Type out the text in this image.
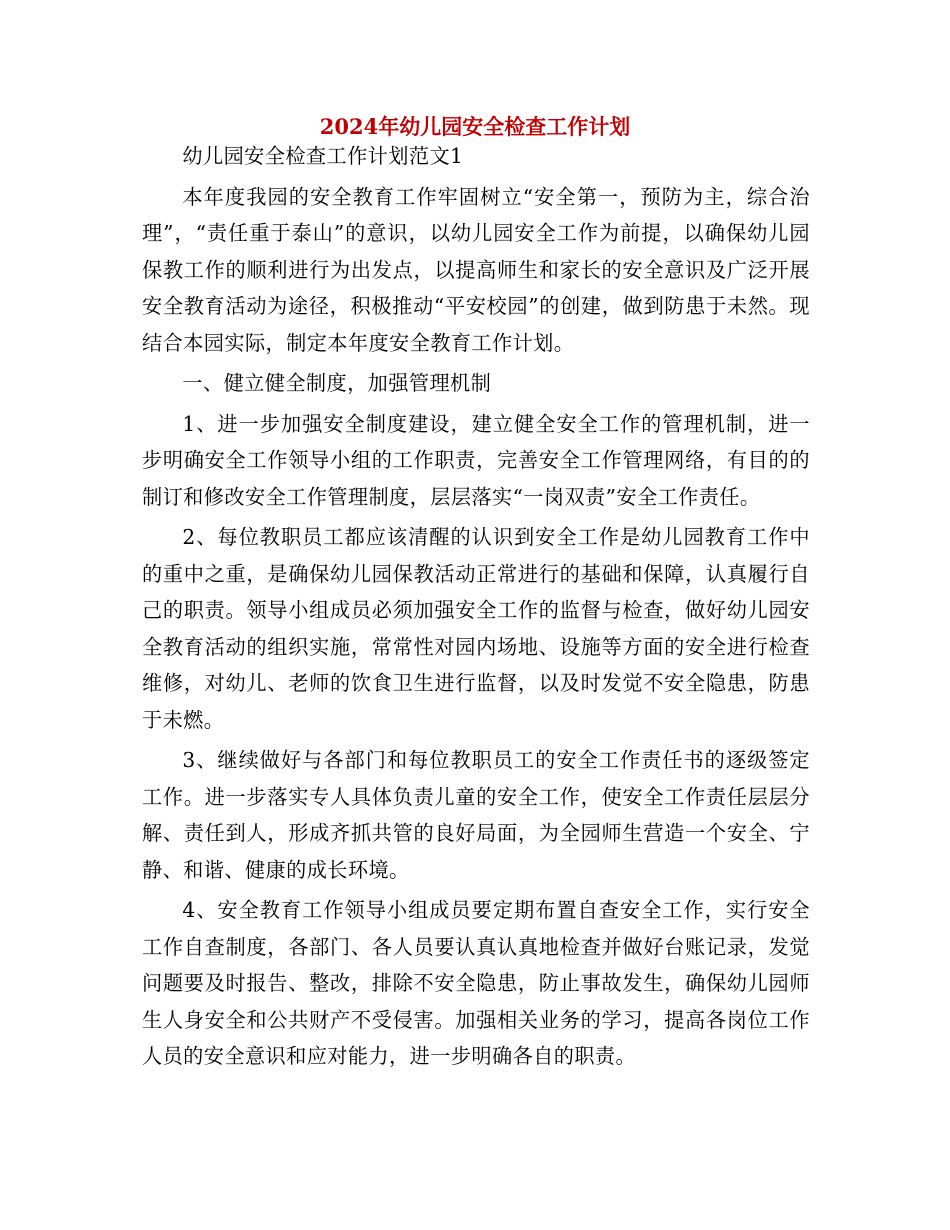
2024年幼儿园安全检查工作计划

幼儿园安全检查工作计划范文1

本年度我园的安全教育工作牢固树立“安全第一，预防为主，综合治理”，“责任重于泰山”的意识，以幼儿园安全工作为前提，以确保幼儿园保教工作的顺利进行为出发点，以提高师生和家长的安全意识及广泛开展安全教育活动为途径，积极推动“平安校园”的创建，做到防患于未然。现结合本园实际，制定本年度安全教育工作计划。

一、健立健全制度，加强管理机制

1、进一步加强安全制度建设，建立健全安全工作的管理机制，进一步明确安全工作领导小组的工作职责，完善安全工作管理网络，有目的的制订和修改安全工作管理制度，层层落实“一岗双责”安全工作责任。

2、每位教职员工都应该清醒的认识到安全工作是幼儿园教育工作中的重中之重，是确保幼儿园保教活动正常进行的基础和保障，认真履行自己的职责。领导小组成员必须加强安全工作的监督与检查，做好幼儿园安全教育活动的组织实施，常常性对园内场地、设施等方面的安全进行检查维修，对幼儿、老师的饮食卫生进行监督，以及时发觉不安全隐患，防患于未燃。

3、继续做好与各部门和每位教职员工的安全工作责任书的逐级签定工作。进一步落实专人具体负责儿童的安全工作，使安全工作责任层层分解、责任到人，形成齐抓共管的良好局面，为全园师生营造一个安全、宁静、和谐、健康的成长环境。

4、安全教育工作领导小组成员要定期布置自查安全工作，实行安全工作自查制度，各部门、各人员要认真认真地检查并做好台账记录，发觉问题要及时报告、整改，排除不安全隐患，防止事故发生，确保幼儿园师生人身安全和公共财产不受侵害。加强相关业务的学习，提高各岗位工作人员的安全意识和应对能力，进一步明确各自的职责。
